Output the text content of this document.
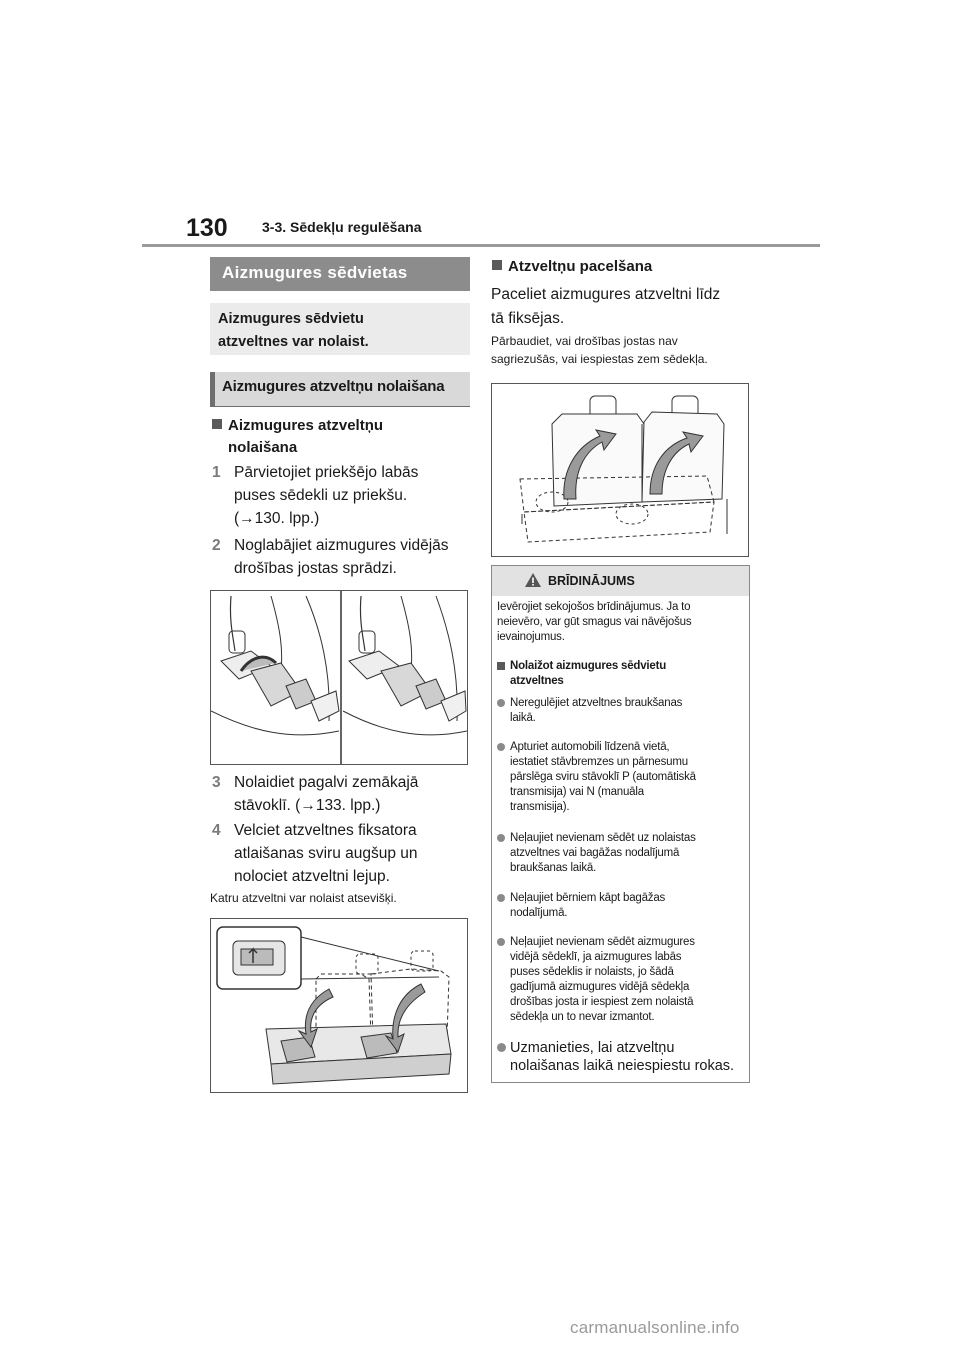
130 3-3. Sēdekļu regulēšana
Aizmugures sēdvietas
Aizmugures sēdvietu
atzveltnes var nolaist.
Aizmugures atzveltņu nolaišana
Aizmugures atzveltņu
nolaišana
1 Pārvietojiet priekšējo labās
puses sēdekli uz priekšu.
(→130. lpp.)
2 Noglabājiet aizmugures vidējās
drošības jostas sprādzi.
3 Nolaidiet pagalvi zemākajā
stāvoklī. (→133. lpp.)
4 Velciet atzveltnes fiksatora
atlaišanas sviru augšup un
nolociet atzveltni lejup.
Katru atzveltni var nolaist atsevišķi.
Atzveltņu pacelšana
Paceliet aizmugures atzveltni līdz
tā fiksējas.
Pārbaudiet, vai drošības jostas nav
sagriezušās, vai iespiestas zem sēdekļa.
BRĪDINĀJUMS
Ievērojiet sekojošos brīdinājumus. Ja to
neievēro, var gūt smagus vai nāvējošus
ievainojumus.
Nolaižot aizmugures sēdvietu
atzveltnes
Neregulējiet atzveltnes braukšanas
laikā.
Apturiet automobili līdzenā vietā,
iestatiet stāvbremzes un pārnesumu
pārslēga sviru stāvoklī P (automātiskā
transmisija) vai N (manuāla
transmisija).
Neļaujiet nevienam sēdēt uz nolaistas
atzveltnes vai bagāžas nodalījumā
braukšanas laikā.
Neļaujiet bērniem kāpt bagāžas
nodalījumā.
Neļaujiet nevienam sēdēt aizmugures
vidējā sēdeklī, ja aizmugures labās
puses sēdeklis ir nolaists, jo šādā
gadījumā aizmugures vidējā sēdekļa
drošības josta ir iespiest zem nolaistā
sēdekļa un to nevar izmantot.
Uzmanieties, lai atzveltņu
nolaišanas laikā neiespiestu rokas.
carmanualsonline.info
